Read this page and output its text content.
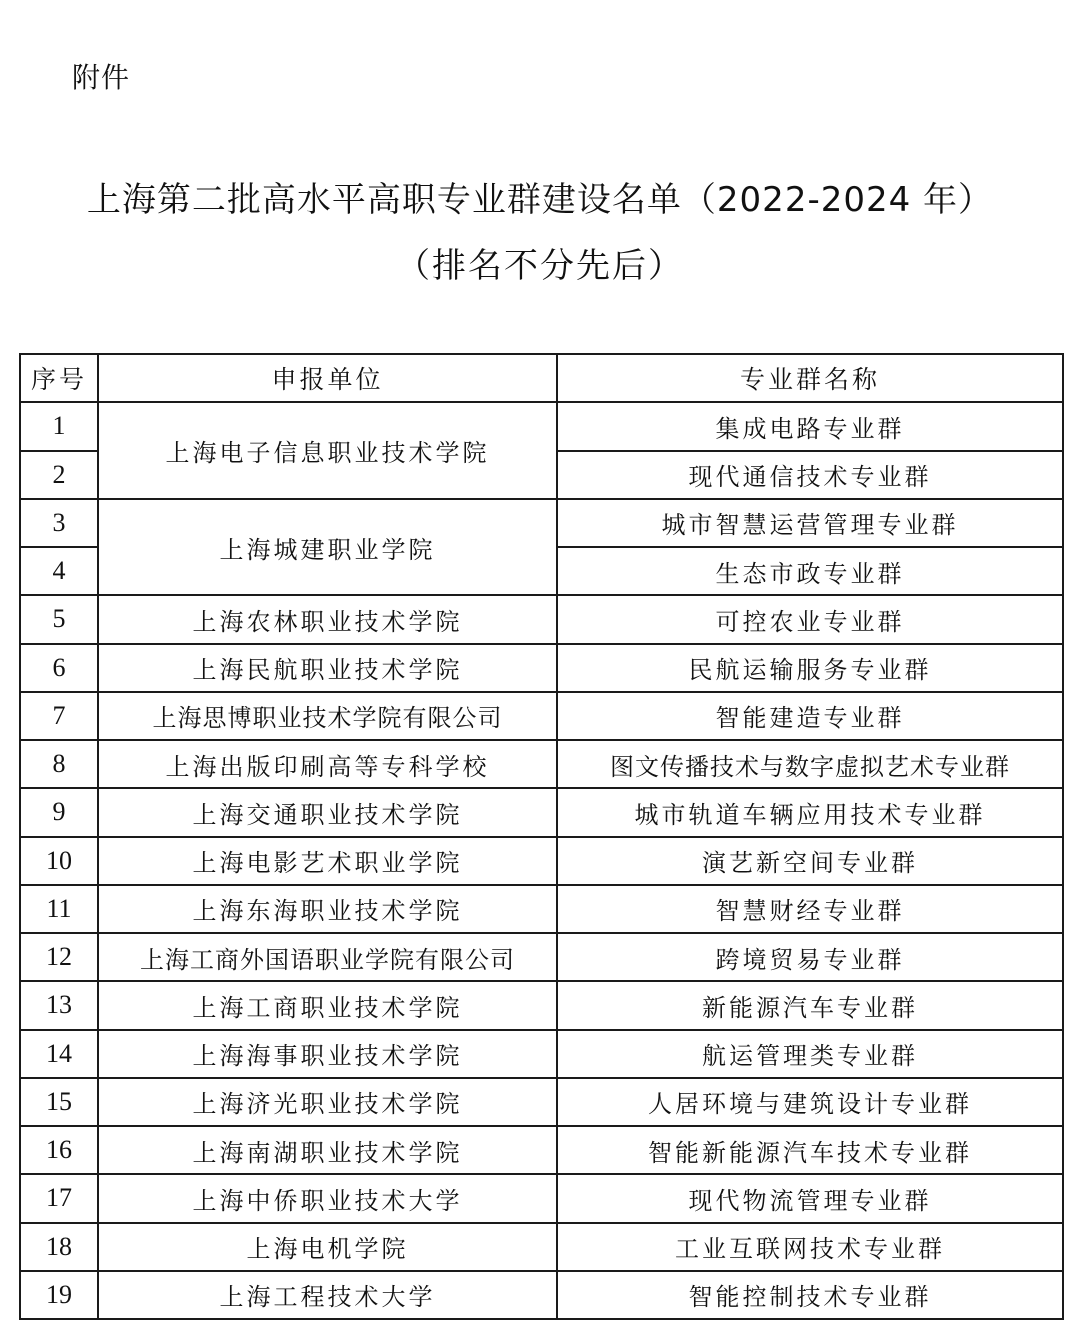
附件
上海第二批高水平高职专业群建设名单（2022-2024 年）
（排名不分先后）
序号	申报单位	专业群名称
1	上海电子信息职业技术学院	集成电路专业群
2		现代通信技术专业群
3	上海城建职业学院	城市智慧运营管理专业群
4		生态市政专业群
5	上海农林职业技术学院	可控农业专业群
6	上海民航职业技术学院	民航运输服务专业群
7	上海思博职业技术学院有限公司	智能建造专业群
8	上海出版印刷高等专科学校	图文传播技术与数字虚拟艺术专业群
9	上海交通职业技术学院	城市轨道车辆应用技术专业群
10	上海电影艺术职业学院	演艺新空间专业群
11	上海东海职业技术学院	智慧财经专业群
12	上海工商外国语职业学院有限公司	跨境贸易专业群
13	上海工商职业技术学院	新能源汽车专业群
14	上海海事职业技术学院	航运管理类专业群
15	上海济光职业技术学院	人居环境与建筑设计专业群
16	上海南湖职业技术学院	智能新能源汽车技术专业群
17	上海中侨职业技术大学	现代物流管理专业群
18	上海电机学院	工业互联网技术专业群
19	上海工程技术大学	智能控制技术专业群
